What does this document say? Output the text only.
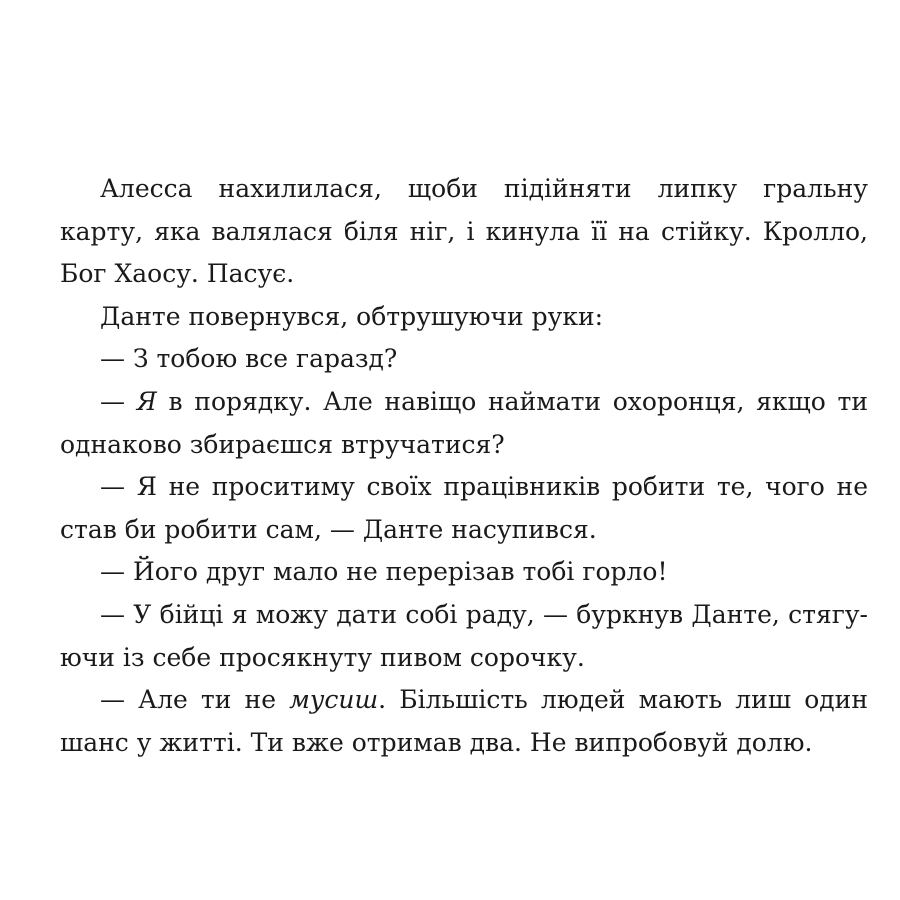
Алесса нахилилася, щоби підійняти липку гральну карту, яка валялася біля ніг, і кинула її на стійку. Кролло, Бог Хаосу. Пасує.

Данте повернувся, обтрушуючи руки:

— З тобою все гаразд?

— Я в порядку. Але навіщо наймати охоронця, якщо ти однаково збираєшся втручатися?

— Я не проситиму своїх працівників робити те, чого не став би робити сам, — Данте насупився.

— Його друг мало не перерізав тобі горло!

— У бійці я можу дати собі раду, — буркнув Данте, стягуючи із себе просякнуту пивом сорочку.

— Але ти не мусиш. Більшість людей мають лиш один шанс у житті. Ти вже отримав два. Не випробовуй долю.
